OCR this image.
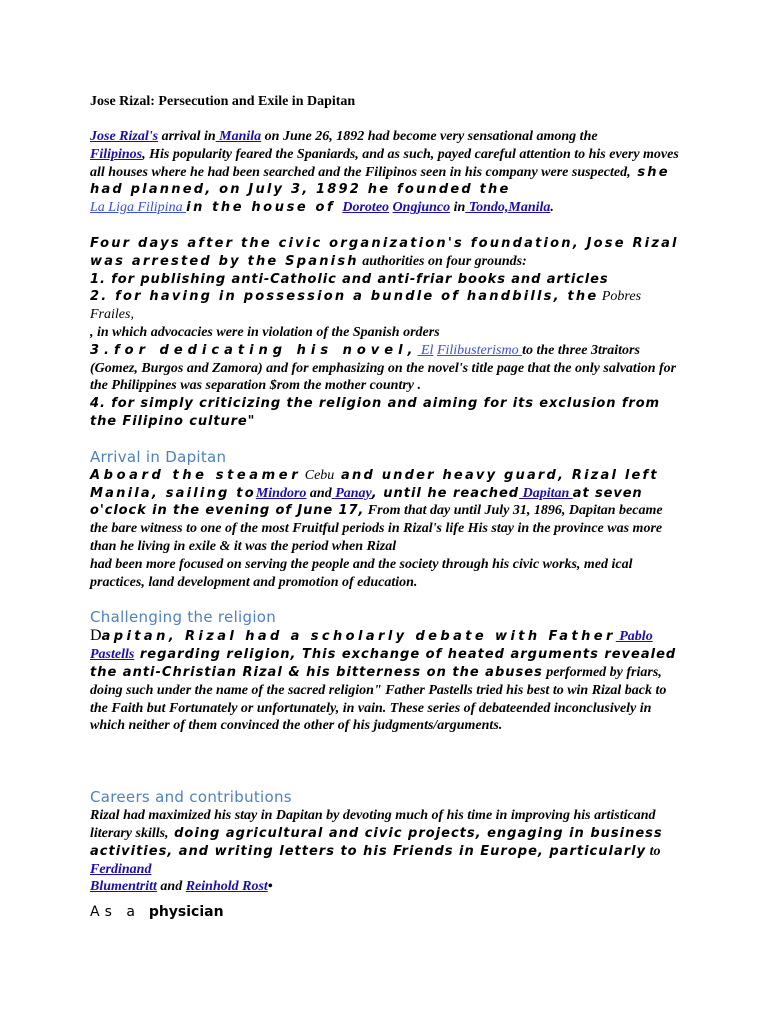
Jose Rizal: Persecution and Exile in Dapitan

Jose Rizal's arrival in Manila on June 26, 1892 had become very sensational among the
Filipinos, His popularity feared the Spaniards, and as such, payed careful attention to his every moves all houses where he had been searched and the Filipinos seen in his company were suspected, she had planned, on July 3, 1892 he founded the
La Liga Filipina in the house of Doroteo Ongjunco in Tondo,Manila.

Four days after the civic organization's foundation, Jose Rizal was arrested by the Spanish authorities on four grounds:
1. for publishing anti-Catholic and anti-friar books and articles
2. for having in possession a bundle of handbills, the Pobres Frailes,
, in which advocacies were in violation of the Spanish orders
3.for dedicating his novel, El Filibusterismo to the three 3traitors (Gomez, Burgos and Zamora) and for emphasizing on the novel's title page that the only salvation for the Philippines was separation $rom the mother country .
4. for simply criticizing the religion and aiming for its exclusion from the Filipino culture"

Arrival in Dapitan

Aboard the steamer Cebu and under heavy guard, Rizal left Manila, sailing toMindoro and Panay, until he reached Dapitan at seven o'clock in the evening of June 17, From that day until July 31, 1896, Dapitan became the bare witness to one of the most Fruitful periods in Rizal's life His stay in the province was more than he living in exile & it was the period when Rizal
had been more focused on serving the people and the society through his civic works, med ical practices, land development and promotion of education.

Challenging the religion

Dapitan, Rizal had a scholarly debate with Father Pablo
Pastells regarding religion, This exchange of heated arguments revealed the anti-Christian Rizal & his bitterness on the abuses performed by friars,
doing such under the name of the sacred religion" Father Pastells tried his best to win Rizal back to the Faith but Fortunately or unfortunately, in vain. These series of debateended inconclusively in which neither of them convinced the other of his judgments/arguments.

Careers and contributions

Rizal had maximized his stay in Dapitan by devoting much of his time in improving his artisticand literary skills, doing agricultural and civic projects, engaging in business activities, and writing letters to his Friends in Europe, particularly to Ferdinand
Blumentritt and Reinhold Rost•

As a physician
